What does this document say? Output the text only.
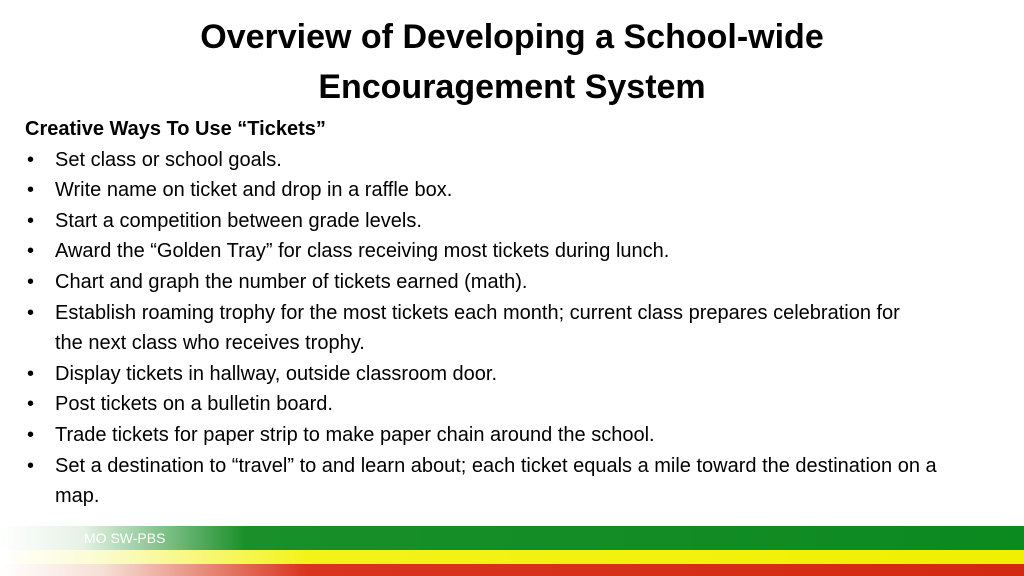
Overview of Developing a School-wide
Encouragement System

Creative Ways To Use “Tickets”

• Set class or school goals.
• Write name on ticket and drop in a raffle box.
• Start a competition between grade levels.
• Award the “Golden Tray” for class receiving most tickets during lunch.
• Chart and graph the number of tickets earned (math).
• Establish roaming trophy for the most tickets each month; current class prepares celebration for the next class who receives trophy.
• Display tickets in hallway, outside classroom door.
• Post tickets on a bulletin board.
• Trade tickets for paper strip to make paper chain around the school.
• Set a destination to “travel” to and learn about; each ticket equals a mile toward the destination on a map.
MO SW-PBS
